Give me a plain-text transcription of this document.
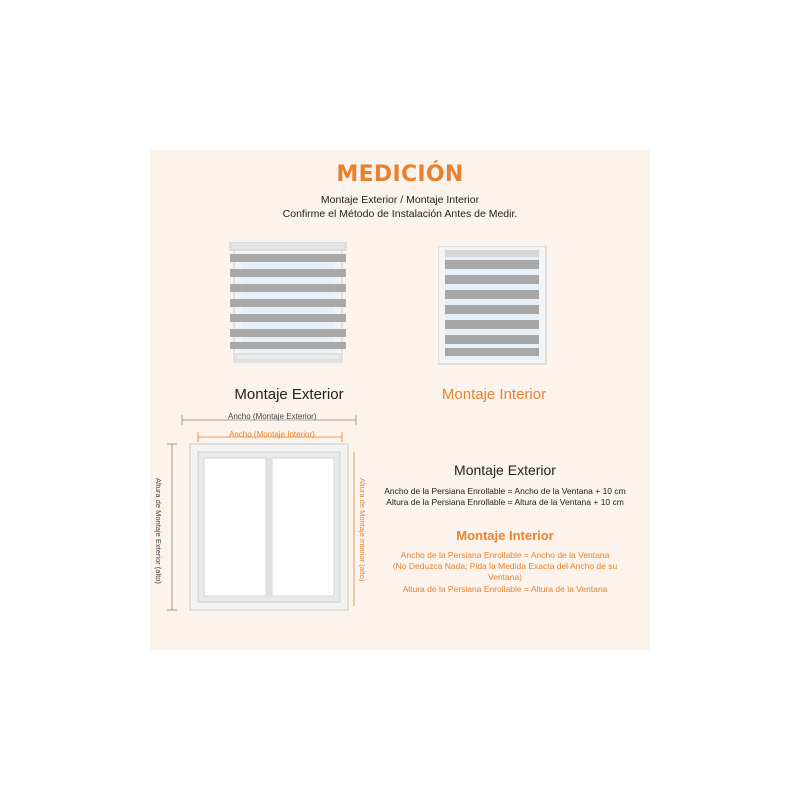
MEDICIÓN
Montaje Exterior / Montaje Interior
Confirme el Método de Instalación Antes de Medir.
Montaje Exterior	Montaje Interior
Ancho (Montaje Exterior)
Ancho (Montaje Interior)
Altura de Montaje Exterior (alto)	Altura de Montaje Interior (alto)
Montaje Exterior
Ancho de la Persiana Enrollable = Ancho de la Ventana + 10 cm
Altura de la Persiana Enrollable = Altura de la Ventana + 10 cm
Montaje Interior
Ancho de la Persiana Enrollable = Ancho de la Ventana
(No Deduzca Nada; Pida la Medida Exacta del Ancho de su
Ventana)
Altura de la Persiana Enrollable = Altura de la Ventana
